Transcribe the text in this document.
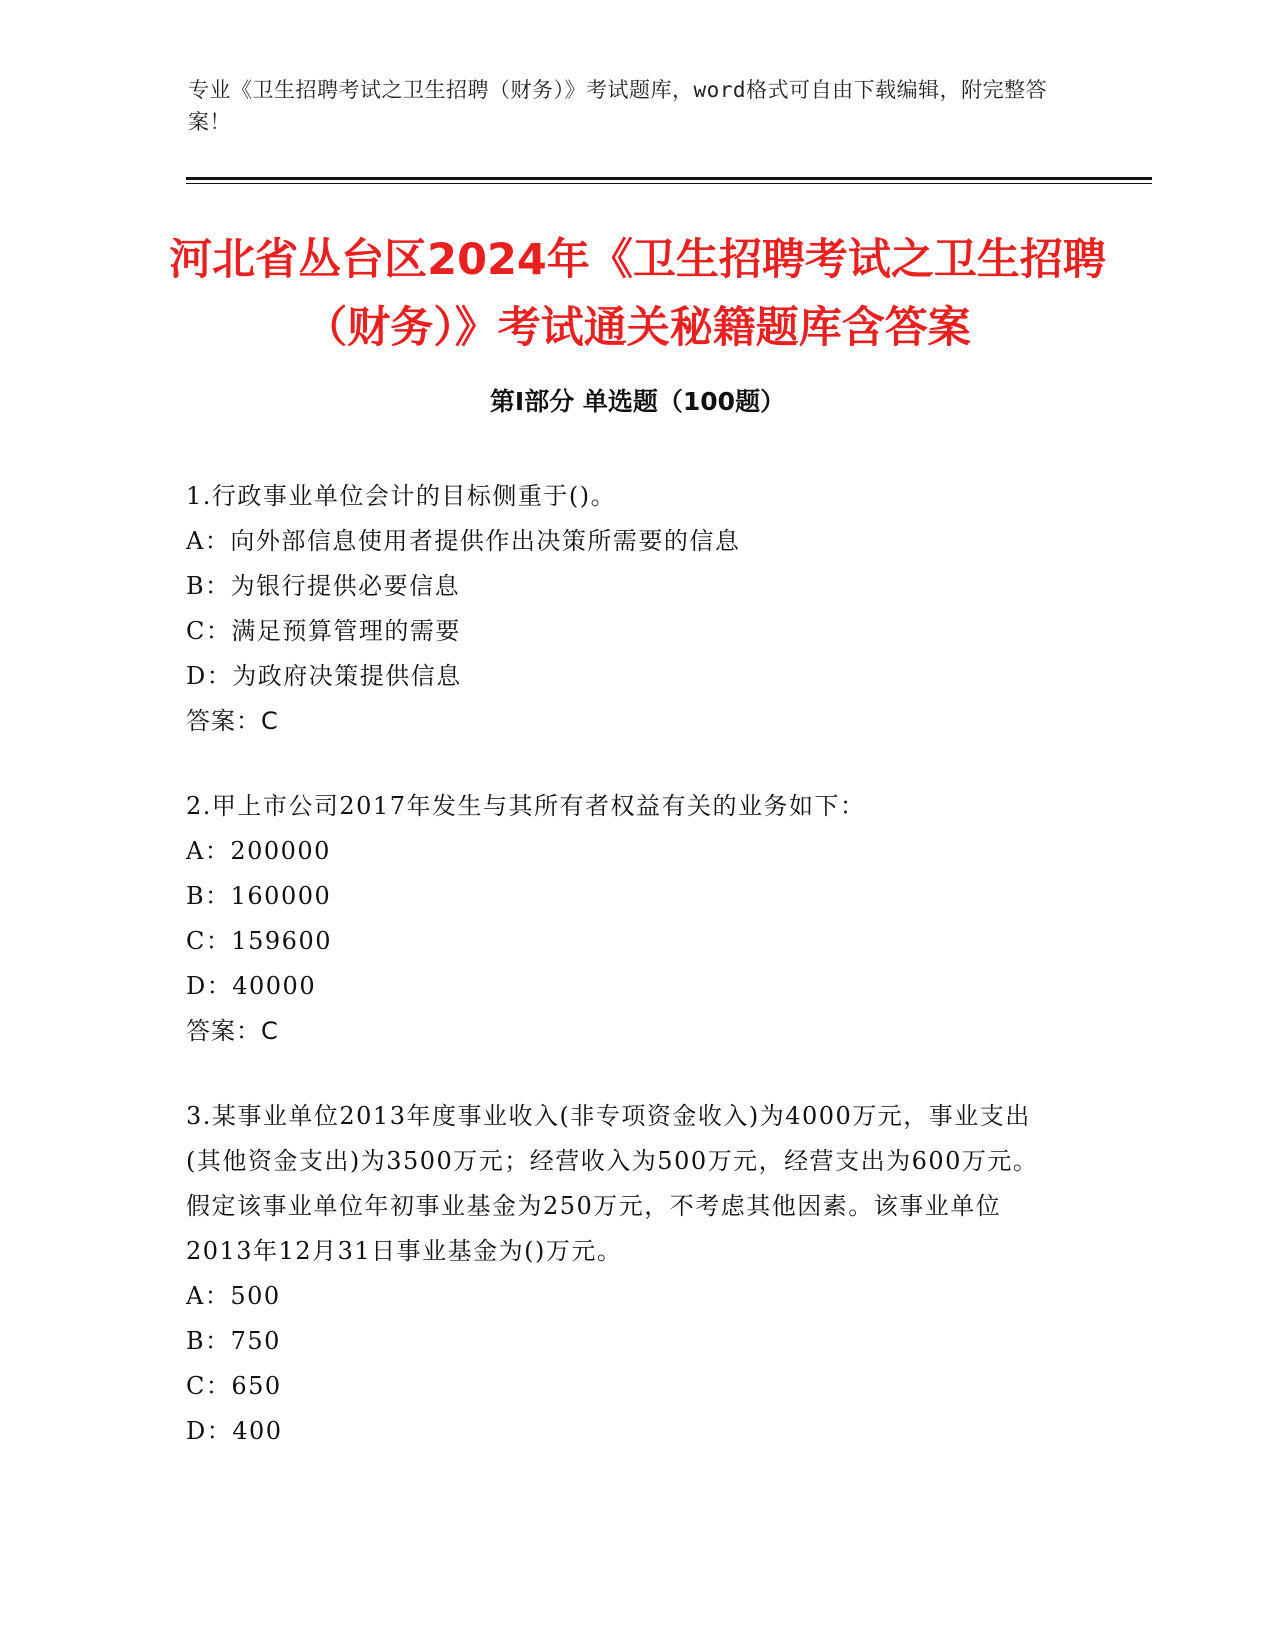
专业《卫生招聘考试之卫生招聘（财务）》考试题库，word格式可自由下载编辑，附完整答案！
河北省丛台区2024年《卫生招聘考试之卫生招聘（财务）》考试通关秘籍题库含答案
第Ⅰ部分 单选题（100题）
1.行政事业单位会计的目标侧重于()。
A：向外部信息使用者提供作出决策所需要的信息
B：为银行提供必要信息
C：满足预算管理的需要
D：为政府决策提供信息
答案：C
2.甲上市公司2017年发生与其所有者权益有关的业务如下：
A：200000
B：160000
C：159600
D：40000
答案：C
3.某事业单位2013年度事业收入(非专项资金收入)为4000万元，事业支出(其他资金支出)为3500万元；经营收入为500万元，经营支出为600万元。假定该事业单位年初事业基金为250万元，不考虑其他因素。该事业单位2013年12月31日事业基金为()万元。
A：500
B：750
C：650
D：400
